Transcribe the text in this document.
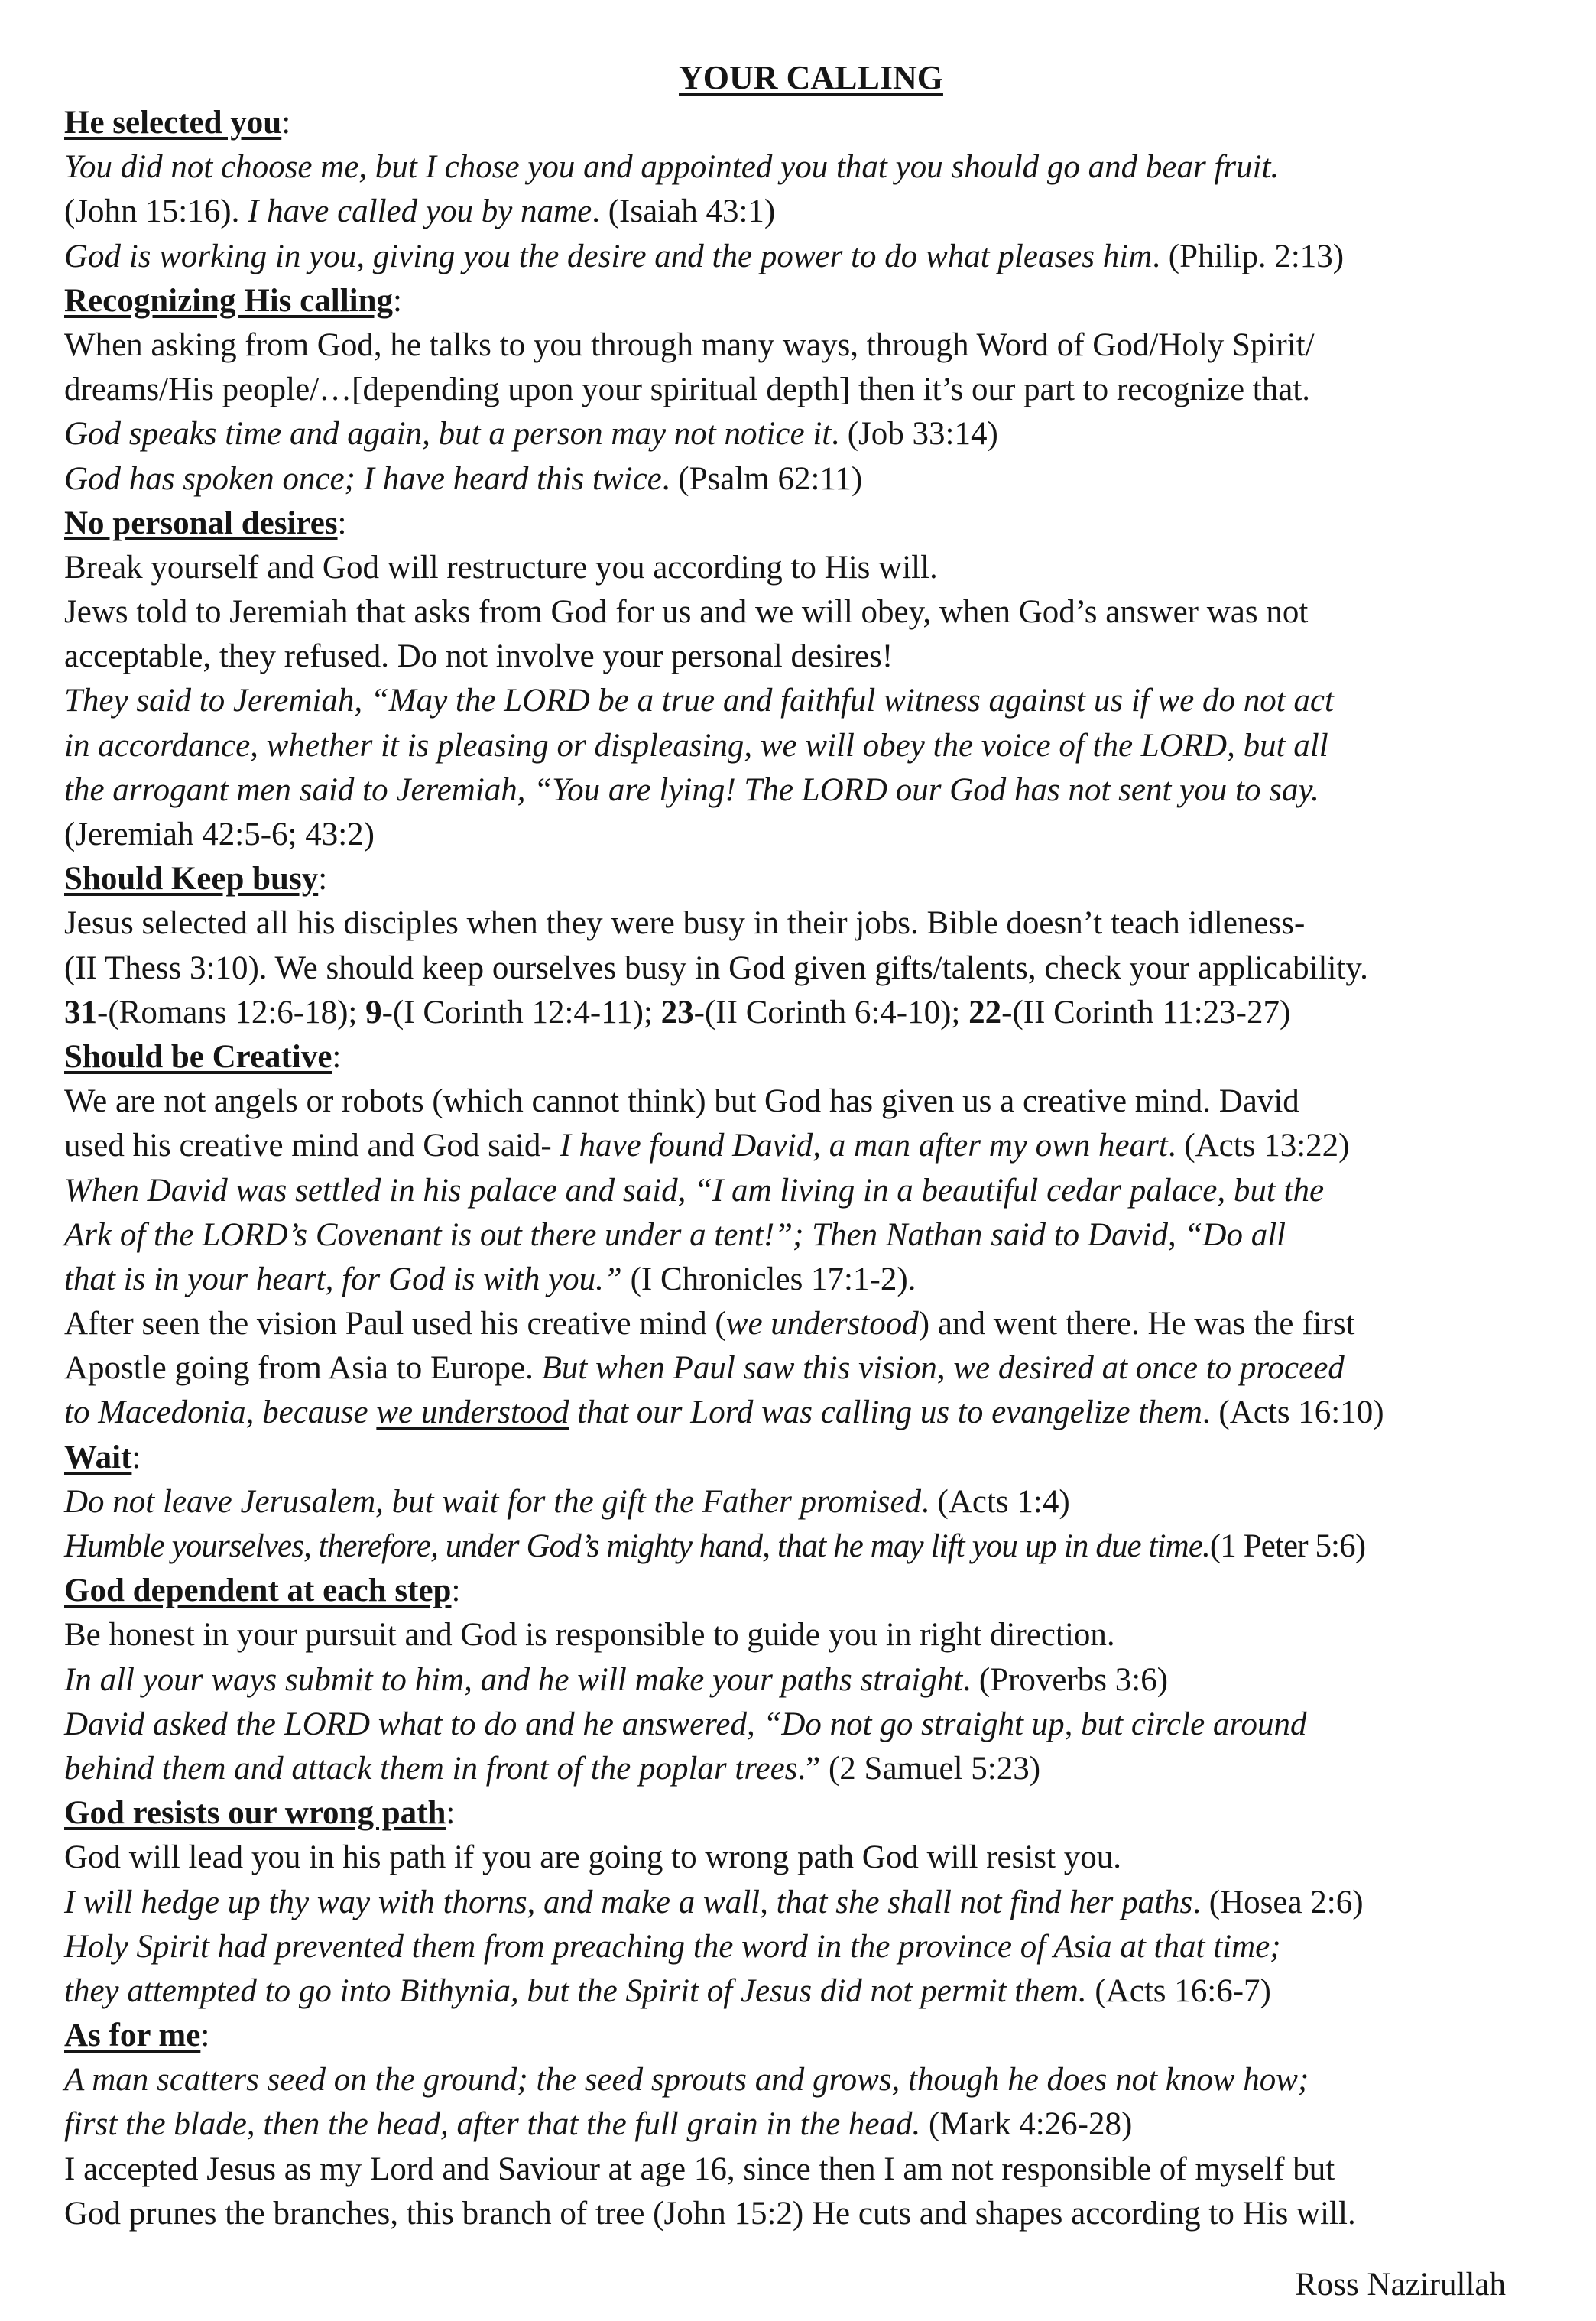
YOUR CALLING
He selected you:
You did not choose me, but I chose you and appointed you that you should go and bear fruit.
(John 15:16). I have called you by name. (Isaiah 43:1)
God is working in you, giving you the desire and the power to do what pleases him. (Philip. 2:13)
Recognizing His calling:
When asking from God, he talks to you through many ways, through Word of God/Holy Spirit/
dreams/His people/…[depending upon your spiritual depth] then it’s our part to recognize that.
God speaks time and again, but a person may not notice it. (Job 33:14)
God has spoken once; I have heard this twice. (Psalm 62:11)
No personal desires:
Break yourself and God will restructure you according to His will.
Jews told to Jeremiah that asks from God for us and we will obey, when God’s answer was not
acceptable, they refused. Do not involve your personal desires!
They said to Jeremiah, “May the LORD be a true and faithful witness against us if we do not act
in accordance, whether it is pleasing or displeasing, we will obey the voice of the LORD, but all
the arrogant men said to Jeremiah, “You are lying! The LORD our God has not sent you to say.
(Jeremiah 42:5-6; 43:2)
Should Keep busy:
Jesus selected all his disciples when they were busy in their jobs. Bible doesn’t teach idleness-
(II Thess 3:10). We should keep ourselves busy in God given gifts/talents, check your applicability.
31-(Romans 12:6-18); 9-(I Corinth 12:4-11); 23-(II Corinth 6:4-10); 22-(II Corinth 11:23-27)
Should be Creative:
We are not angels or robots (which cannot think) but God has given us a creative mind. David
used his creative mind and God said- I have found David, a man after my own heart. (Acts 13:22)
When David was settled in his palace and said, “I am living in a beautiful cedar palace, but the
Ark of the LORD’s Covenant is out there under a tent!”; Then Nathan said to David, “Do all
that is in your heart, for God is with you.” (I Chronicles 17:1-2).
After seen the vision Paul used his creative mind (we understood) and went there. He was the first
Apostle going from Asia to Europe. But when Paul saw this vision, we desired at once to proceed
to Macedonia, because we understood that our Lord was calling us to evangelize them. (Acts 16:10)
Wait:
Do not leave Jerusalem, but wait for the gift the Father promised. (Acts 1:4)
Humble yourselves, therefore, under God’s mighty hand, that he may lift you up in due time.(1 Peter 5:6)
God dependent at each step:
Be honest in your pursuit and God is responsible to guide you in right direction.
In all your ways submit to him, and he will make your paths straight. (Proverbs 3:6)
David asked the LORD what to do and he answered, “Do not go straight up, but circle around
behind them and attack them in front of the poplar trees.” (2 Samuel 5:23)
God resists our wrong path:
God will lead you in his path if you are going to wrong path God will resist you.
I will hedge up thy way with thorns, and make a wall, that she shall not find her paths. (Hosea 2:6)
Holy Spirit had prevented them from preaching the word in the province of Asia at that time;
they attempted to go into Bithynia, but the Spirit of Jesus did not permit them. (Acts 16:6-7)
As for me:
A man scatters seed on the ground; the seed sprouts and grows, though he does not know how;
first the blade, then the head, after that the full grain in the head. (Mark 4:26-28)
I accepted Jesus as my Lord and Saviour at age 16, since then I am not responsible of myself but
God prunes the branches, this branch of tree (John 15:2) He cuts and shapes according to His will.
Ross Nazirullah
